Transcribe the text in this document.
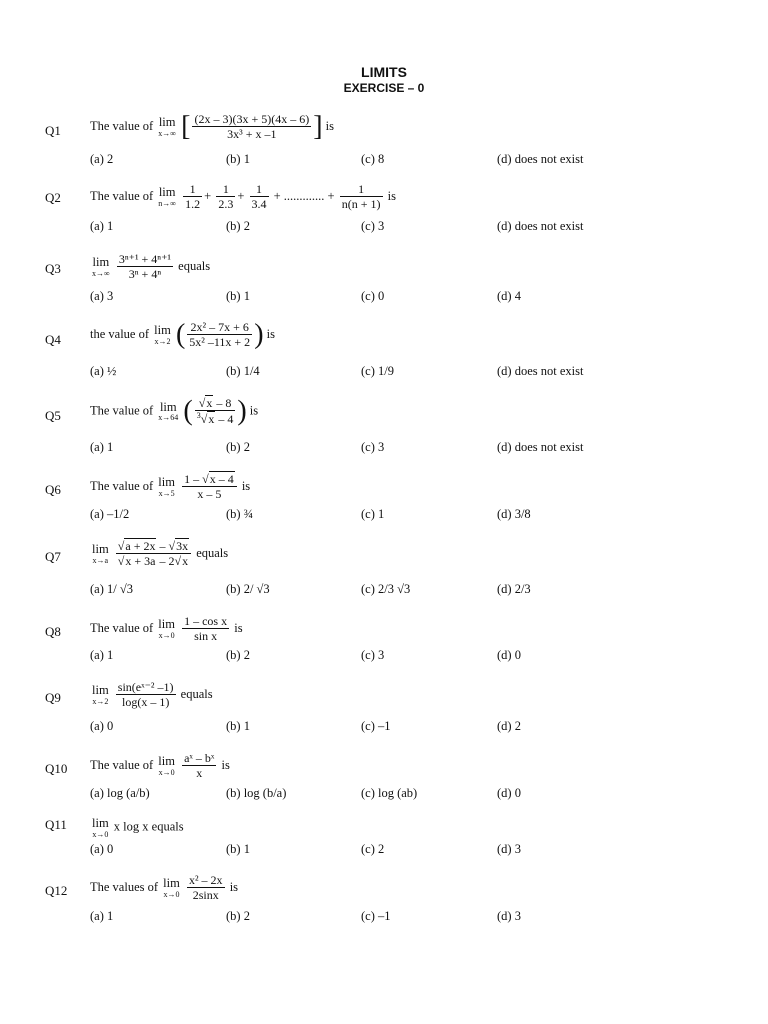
LIMITS
EXERCISE – 0
Q1 The value of lim
x→∞ [ $\frac{(2x - 3)(3x + 5)(4x - 6)}{\text{3x³ + x –1}}$ ] is
(a) 2	(b) 1	(c) 8	(d) does not exist
Q2 The value of lim
n→∞
$\frac{1}{1.2} + \frac{1}{2.3} + \frac{1}{3.4}$ + ............. + $\frac{1}{n(n + 1)}$ is
(a) 1	(b) 2	(c) 3	(d) does not exist
Q3	lim
x→∞
$\frac{\text{3ⁿ⁺¹ + 4ⁿ⁺¹}}{\text{3ⁿ + 4ⁿ}}$ equals
(a) 3	(b) 1	(c) 0	(d) 4
Q4 the value of lim
x→2 ( $\frac{\text{2x² – 7x + 6}}{\text{5x² –11x + 2}}$ ) is
(a) ½	(b) 1/4	(c) 1/9	(d) does not exist
Q5 The value of lim
x→64 ( $\frac{√x - 8}{^3√x - 4}$ ) is
(a) 1	(b) 2	(c) 3	(d) does not exist
Q6 The value of lim
x→5
$\frac{1 - √x - 4}{x - 5}$ is
(a) –1/2	(b) ¾	(c) 1	(d) 3/8
Q7 lim
x→a
$\frac{√a + 2x - √3x}{√x + 3a - 2√x}$ equals
(a) 1/ √3	(b) 2/ √3	(c) 2/3 √3	(d) 2/3
Q8 The value of lim
x→0
$\frac{\text{1 – cos x}}{\text{sin x}}$ is
(a) 1	(b) 2	(c) 3	(d) 0
Q9 lim
x→2
$\frac{\text{sin(eˣ⁻² –1)}}{\log(x - 1)}$ equals
(a) 0	(b) 1	(c) –1	(d) 2
Q10 The value of lim
x→0
$\frac{\text{aˣ – bˣ}}{x}$ is
(a) log (a/b)	(b) log (b/a)	(c) log (ab)	(d) 0
Q11 lim
x→0
x log x equals
(a) 0	(b) 1	(c) 2	(d) 3
Q12 The values of lim
x→0
$\frac{\text{x² – 2x}}{2\sin x}$ is
(a) 1	(b) 2	(c) –1	(d) 3
